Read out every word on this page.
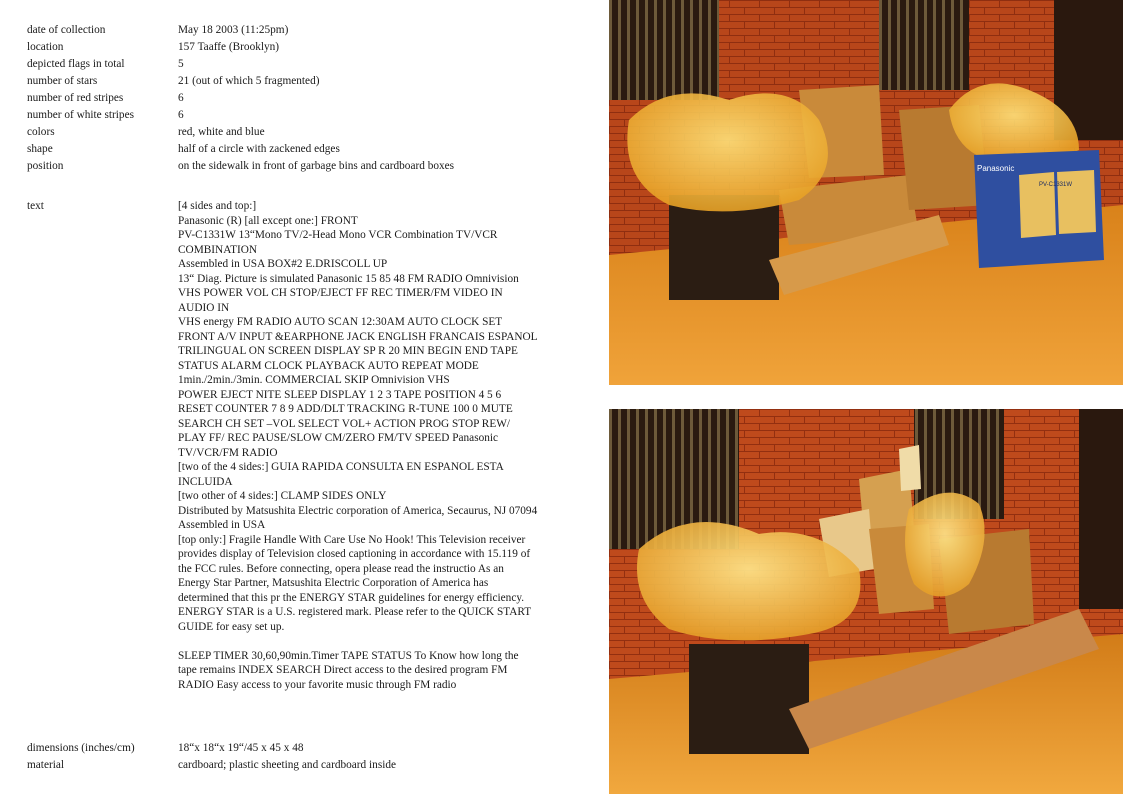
date of collection	May 18 2003 (11:25pm)
location	157 Taaffe (Brooklyn)
depicted flags in total	5
number of stars	21 (out of which 5 fragmented)
number of red stripes	6
number of white stripes	6
colors	red, white and blue
shape	half of a circle with zackened edges
position	on the sidewalk in front of garbage bins and cardboard boxes
text	[4 sides and top:]

Panasonic (R) [all except one:] FRONT

PV-C1331W 13“Mono TV/2-Head Mono VCR Combination TV/VCR COMBINATION

Assembled in USA BOX#2 E.DRISCOLL UP

13“ Diag. Picture is simulated Panasonic 15 85 48 FM RADIO Omnivision VHS POWER VOL CH STOP/EJECT FF REC TIMER/FM VIDEO IN AUDIO IN

VHS energy FM RADIO AUTO SCAN 12:30AM AUTO CLOCK SET FRONT A/V INPUT &EARPHONE JACK ENGLISH FRANCAIS ESPANOL TRILINGUAL ON SCREEN DISPLAY SP R 20 MIN BEGIN END TAPE STATUS ALARM CLOCK PLAYBACK AUTO REPEAT MODE 1min./2min./3min. COMMERCIAL SKIP Omnivision VHS

POWER EJECT NITE SLEEP DISPLAY 1 2 3 TAPE POSITION 4 5 6 RESET COUNTER 7 8 9 ADD/DLT TRACKING R-TUNE 100 0 MUTE SEARCH CH SET –VOL SELECT VOL+ ACTION PROG STOP REW/ PLAY FF/ REC PAUSE/SLOW CM/ZERO FM/TV SPEED Panasonic TV/VCR/FM RADIO

[two of the 4 sides:] GUIA RAPIDA CONSULTA EN ESPANOL ESTA INCLUIDA

[two other of 4 sides:] CLAMP SIDES ONLY

Distributed by Matsushita Electric corporation of America, Secaurus, NJ 07094 Assembled in USA

[top only:] Fragile Handle With Care Use No Hook! This Television receiver provides display of Television closed captioning in accordance with 15.119 of the FCC rules. Before connecting, opera please read the instructio As an Energy Star Partner, Matsushita Electric Corporation of America has determined that this pr the ENERGY STAR guidelines for energy efficiency. ENERGY STAR is a U.S. registered mark. Please refer to the QUICK START GUIDE for easy set up.

SLEEP TIMER 30,60,90min.Timer TAPE STATUS To Know how long the tape remains INDEX SEARCH Direct access to the desired program FM RADIO Easy access to your favorite music through FM radio

dimensions (inches/cm)	18“x 18“x 19“/45 x 45 x 48
material	cardboard; plastic sheeting and cardboard inside
Panasonic
PV-C1331W
